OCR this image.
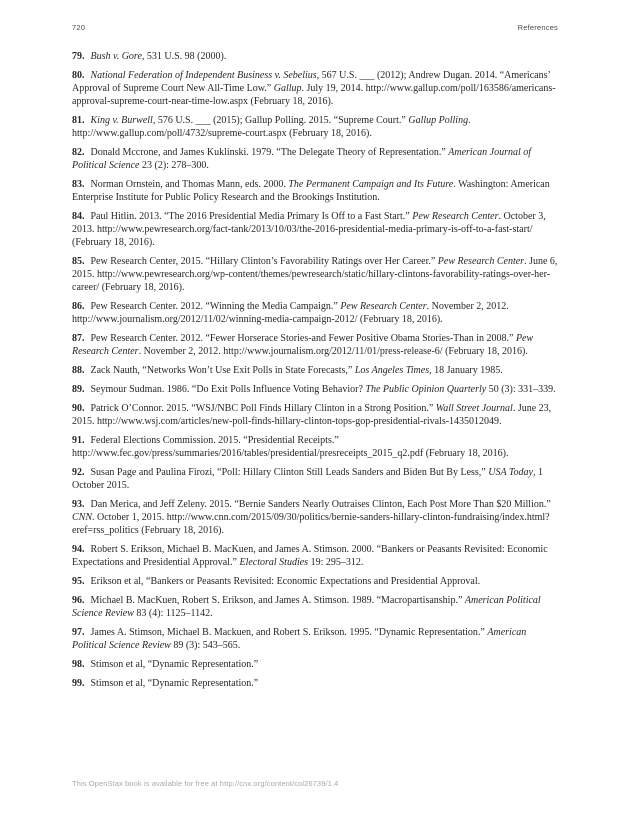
720	References

79. Bush v. Gore, 531 U.S. 98 (2000).

80. National Federation of Independent Business v. Sebelius, 567 U.S. ___ (2012); Andrew Dugan. 2014. “Americans’ Approval of Supreme Court New All-Time Low.” Gallup. July 19, 2014. http://www.gallup.com/poll/163586/americans-approval-supreme-court-near-time-low.aspx (February 18, 2016).

81. King v. Burwell, 576 U.S. ___ (2015); Gallup Polling. 2015. “Supreme Court.” Gallup Polling. http://www.gallup.com/poll/4732/supreme-court.aspx (February 18, 2016).

82. Donald Mccrone, and James Kuklinski. 1979. “The Delegate Theory of Representation.” American Journal of Political Science 23 (2): 278–300.

83. Norman Ornstein, and Thomas Mann, eds. 2000. The Permanent Campaign and Its Future. Washington: American Enterprise Institute for Public Policy Research and the Brookings Institution.

84. Paul Hitlin. 2013. “The 2016 Presidential Media Primary Is Off to a Fast Start.” Pew Research Center. October 3, 2013. http://www.pewresearch.org/fact-tank/2013/10/03/the-2016-presidential-media-primary-is-off-to-a-fast-start/ (February 18, 2016).

85. Pew Research Center, 2015. “Hillary Clinton’s Favorability Ratings over Her Career.” Pew Research Center. June 6, 2015. http://www.pewresearch.org/wp-content/themes/pewresearch/static/hillary-clintons-favorability-ratings-over-her-career/ (February 18, 2016).

86. Pew Research Center. 2012. “Winning the Media Campaign.” Pew Research Center. November 2, 2012. http://www.journalism.org/2012/11/02/winning-media-campaign-2012/ (February 18, 2016).

87. Pew Research Center. 2012. “Fewer Horserace Stories-and Fewer Positive Obama Stories-Than in 2008.” Pew Research Center. November 2, 2012. http://www.journalism.org/2012/11/01/press-release-6/ (February 18, 2016).

88. Zack Nauth, “Networks Won’t Use Exit Polls in State Forecasts,” Los Angeles Times, 18 January 1985.

89. Seymour Sudman. 1986. “Do Exit Polls Influence Voting Behavior? The Public Opinion Quarterly 50 (3): 331–339.

90. Patrick O’Connor. 2015. “WSJ/NBC Poll Finds Hillary Clinton in a Strong Position.” Wall Street Journal. June 23, 2015. http://www.wsj.com/articles/new-poll-finds-hillary-clinton-tops-gop-presidential-rivals-1435012049.

91. Federal Elections Commission. 2015. “Presidential Receipts.” http://www.fec.gov/press/summaries/2016/tables/presidential/presreceipts_2015_q2.pdf (February 18, 2016).

92. Susan Page and Paulina Firozi, “Poll: Hillary Clinton Still Leads Sanders and Biden But By Less,” USA Today, 1 October 2015.

93. Dan Merica, and Jeff Zeleny. 2015. “Bernie Sanders Nearly Outraises Clinton, Each Post More Than $20 Million.” CNN. October 1, 2015. http://www.cnn.com/2015/09/30/politics/bernie-sanders-hillary-clinton-fundraising/index.html?eref=rss_politics (February 18, 2016).

94. Robert S. Erikson, Michael B. MacKuen, and James A. Stimson. 2000. “Bankers or Peasants Revisited: Economic Expectations and Presidential Approval.” Electoral Studies 19: 295–312.

95. Erikson et al, “Bankers or Peasants Revisited: Economic Expectations and Presidential Approval.

96. Michael B. MacKuen, Robert S. Erikson, and James A. Stimson. 1989. “Macropartisanship.” American Political Science Review 83 (4): 1125–1142.

97. James A. Stimson, Michael B. Mackuen, and Robert S. Erikson. 1995. “Dynamic Representation.” American Political Science Review 89 (3): 543–565.

98. Stimson et al, “Dynamic Representation.”

99. Stimson et al, “Dynamic Representation.”

This OpenStax book is available for free at http://cnx.org/content/col26739/1.4
